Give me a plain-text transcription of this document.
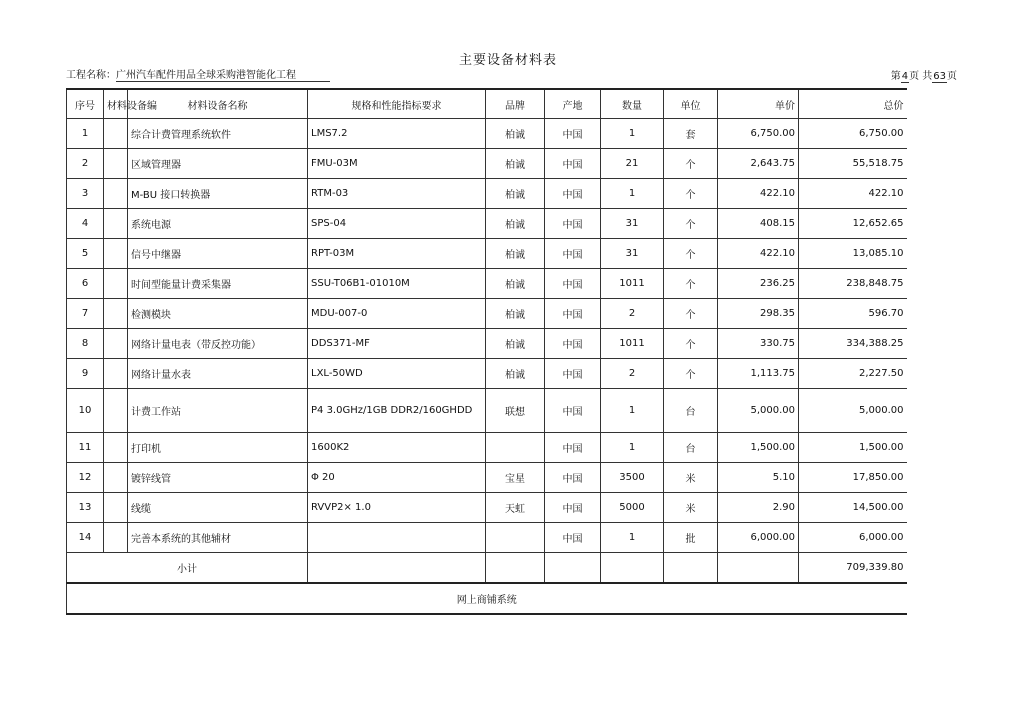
主要设备材料表
工程名称：广州汽车配件用品全球采购港智能化工程	第4页 共63页
序号	材料设备编	材料设备名称	规格和性能指标要求	品牌	产地	数量	单位	单价	总价
1		综合计费管理系统软件	LMS7.2	柏诚	中国	1	套	6,750.00	6,750.00
2		区域管理器	FMU-03M	柏诚	中国	21	个	2,643.75	55,518.75
3		M-BU 接口转换器	RTM-03	柏诚	中国	1	个	422.10	422.10
4		系统电源	SPS-04	柏诚	中国	31	个	408.15	12,652.65
5		信号中继器	RPT-03M	柏诚	中国	31	个	422.10	13,085.10
6		时间型能量计费采集器	SSU-T06B1-01010M	柏诚	中国	1011	个	236.25	238,848.75
7		检测模块	MDU-007-0	柏诚	中国	2	个	298.35	596.70
8		网络计量电表（带反控功能）	DDS371-MF	柏诚	中国	1011	个	330.75	334,388.25
9		网络计量水表	LXL-50WD	柏诚	中国	2	个	1,113.75	2,227.50
10		计费工作站	P4 3.0GHz/1GB DDR2/160GHDD	联想	中国	1	台	5,000.00	5,000.00
11		打印机	1600K2		中国	1	台	1,500.00	1,500.00
12		镀锌线管	Φ 20	宝星	中国	3500	米	5.10	17,850.00
13		线缆	RVVP2× 1.0	天虹	中国	5000	米	2.90	14,500.00
14		完善本系统的其他辅材			中国	1	批	6,000.00	6,000.00
小计									709,339.80
网上商铺系统									
